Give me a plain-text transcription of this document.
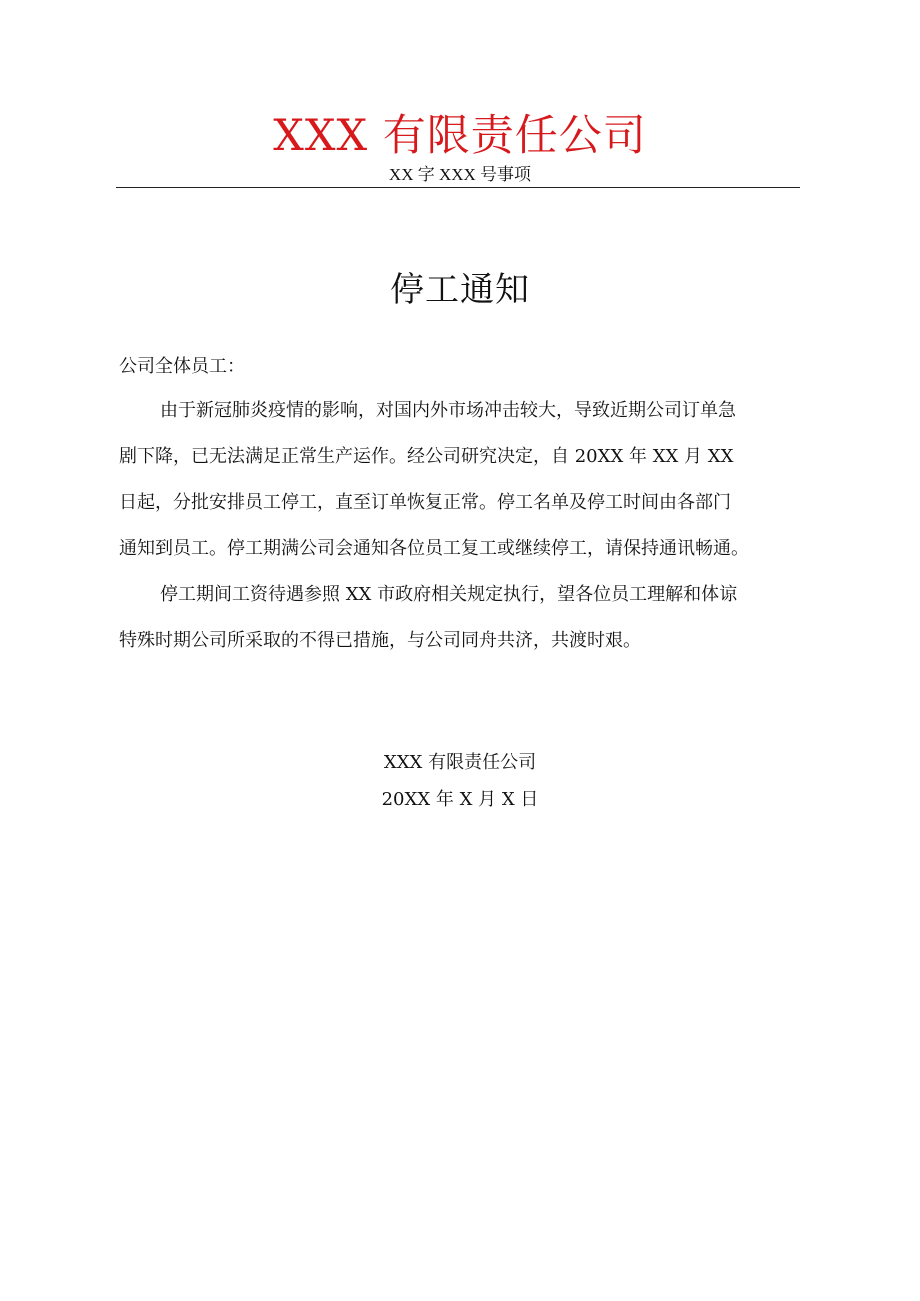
XXX 有限责任公司
XX 字 XXX 号事项
停工通知
公司全体员工：
由于新冠肺炎疫情的影响，对国内外市场冲击较大，导致近期公司订单急
剧下降，已无法满足正常生产运作。经公司研究决定，自 20XX 年 XX 月 XX
日起，分批安排员工停工，直至订单恢复正常。停工名单及停工时间由各部门
通知到员工。停工期满公司会通知各位员工复工或继续停工，请保持通讯畅通。
停工期间工资待遇参照 XX 市政府相关规定执行，望各位员工理解和体谅
特殊时期公司所采取的不得已措施，与公司同舟共济，共渡时艰。
XXX 有限责任公司
20XX 年 X 月 X 日
